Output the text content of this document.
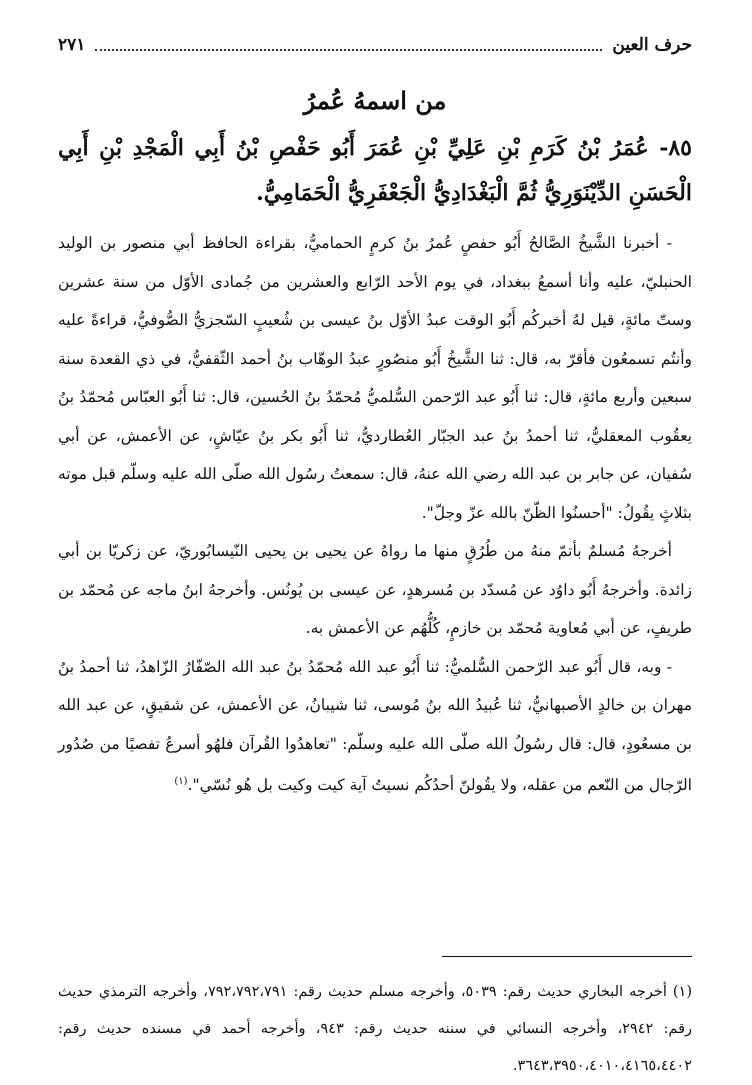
حرف العين
٢٧١
من اسمهُ عُمرُ
٨٥- عُمَرُ بْنُ كَرَمِ بْنِ عَلِيِّ بْنِ عُمَرَ أَبُو حَفْصِ بْنُ أَبِي الْمَجْدِ بْنِ أَبِي الْحَسَنِ الدِّيْنَوَرِيُّ ثُمَّ الْبَغْدَادِيُّ الْجَعْفَرِيُّ الْحَمَامِيُّ.

- أخبرنا الشَّيخُ الصَّالحُ أَبُو حفصٍ عُمرُ بنُ كرمٍ الحماميُّ، بقراءة الحافظ أبي منصور بن الوليد الحنبليّ، عليه وأنا أسمعُ ببغداد، في يوم الأحد الرّابع والعشرين من جُمادى الأوّل من سنة عشرين وستّ مائةٍ، قيل لهُ أخبركُم أَبُو الوقت عبدُ الأوّل بنُ عيسى بن شُعيبٍ السّجزيُّ الصُّوفيُّ، قراءةً عليه وأنتُم تسمعُون فأقرّ به، قال: ثنا الشَّيخُ أَبُو منصُورٍ عبدُ الوهّاب بنُ أحمد الثّقفيُّ، في ذي القعدة سنة سبعين وأربع مائةٍ، قال: ثنا أَبُو عبد الرّحمن السُّلميُّ مُحمّدُ بنُ الحُسين، قال: ثنا أَبُو العبّاس مُحمّدُ بنُ يعقُوب المعقليُّ، ثنا أحمدُ بنُ عبد الجبّار العُطارديُّ، ثنا أَبُو بكر بنُ عيّاشٍ، عن الأعمش، عن أبي سُفيان، عن جابر بن عبد الله رضي الله عنهُ، قال: سمعتُ رسُول الله صلّى الله عليه وسلّم قبل موته بثلاثٍ يقُولُ: "أحسنُوا الظّنّ بالله عزّ وجلّ".

أخرجهُ مُسلمٌ بأتمّ منهُ من طُرُقٍ منها ما رواهُ عن يحيى بن يحيى النّيسابُوريّ، عن زكريّا بن أبي زائدة. وأخرجهُ أَبُو داوُد عن مُسدّد بن مُسرهدٍ، عن عيسى بن يُونُس. وأخرجهُ ابنُ ماجه عن مُحمّد بن طريفٍ، عن أبي مُعاوية مُحمّد بن خازمٍ، كُلُّهُم عن الأعمش به.

- وبه، قال أَبُو عبد الرّحمن السُّلميُّ: ثنا أَبُو عبد الله مُحمّدُ بنُ عبد الله الصّفّارُ الزّاهدُ، ثنا أحمدُ بنُ مهران بن خالدٍ الأصبهانيُّ، ثنا عُبيدُ الله بنُ مُوسى، ثنا شيبانُ، عن الأعمش، عن شقيقٍ، عن عبد الله بن مسعُودٍ، قال: قال رسُولُ الله صلّى الله عليه وسلّم: "تعاهدُوا القُرآن فلهُو أسرعُ تفصيًا من صُدُور الرّجال من النّعم من عقله، ولا يقُولنّ أحدُكُم نسيتُ آية كيت وكيت بل هُو نُسّي".$^{(١)}$

(١) أخرجه البخاري حديث رقم: ٥٠٣٩، وأخرجه مسلم حديث رقم: ٧٩٢،٧٩٢،٧٩١، وأخرجه الترمذي حديث رقم: ٢٩٤٢، وأخرجه النسائي في سننه حديث رقم: ٩٤٣، وأخرجه أحمد في مسنده حديث رقم: ٣٦٤٣،٣٩٥٠،٤٠١٠،٤١٦٥،٤٤٠٢.
